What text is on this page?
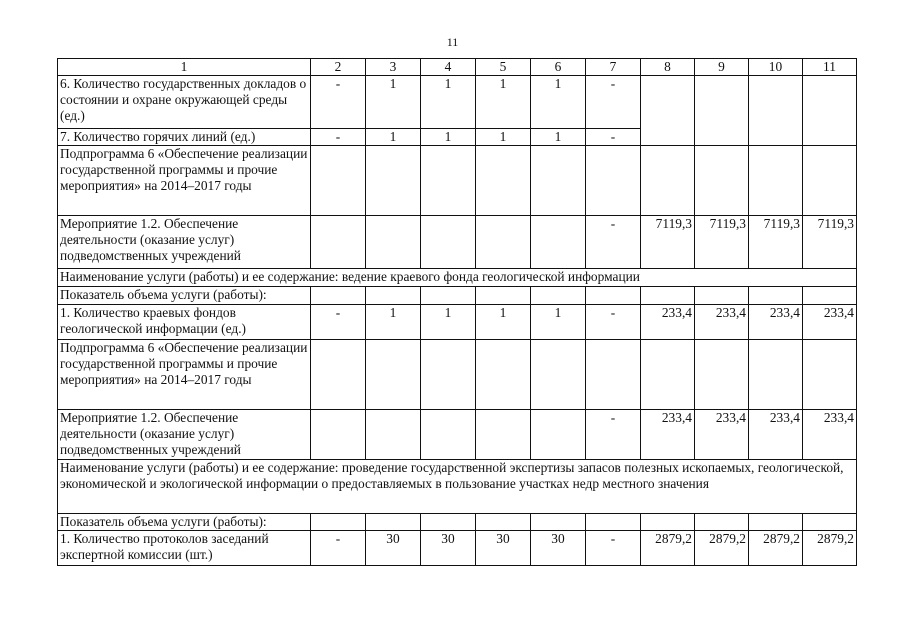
11
1	2	3	4	5	6	7	8	9	10	11
6. Количество государственных докладов о состоянии и охране окружающей среды (ед.)	-	1	1	1	1	-				
7. Количество горячих линий (ед.)	-	1	1	1	1	-				
Подпрограмма 6 «Обеспечение реализации государственной программы и прочие мероприятия» на 2014–2017 годы										
Мероприятие 1.2. Обеспечение деятельности (оказание услуг) подведомственных учреждений						-	7119,3	7119,3	7119,3	7119,3
Наименование услуги (работы) и ее содержание: ведение краевого фонда геологической информации										
Показатель объема услуги (работы):										
1. Количество краевых фондов геологической информации (ед.)	-	1	1	1	1	-	233,4	233,4	233,4	233,4
Подпрограмма 6 «Обеспечение реализации государственной программы и прочие мероприятия» на 2014–2017 годы										
Мероприятие 1.2. Обеспечение деятельности (оказание услуг) подведомственных учреждений						-	233,4	233,4	233,4	233,4
Наименование услуги (работы) и ее содержание: проведение государственной экспертизы запасов полезных ископаемых, геологической, экономической и экологической информации о предоставляемых в пользование участках недр местного значения										
Показатель объема услуги (работы):										
1. Количество протоколов заседаний экспертной комиссии (шт.)	-	30	30	30	30	-	2879,2	2879,2	2879,2	2879,2
